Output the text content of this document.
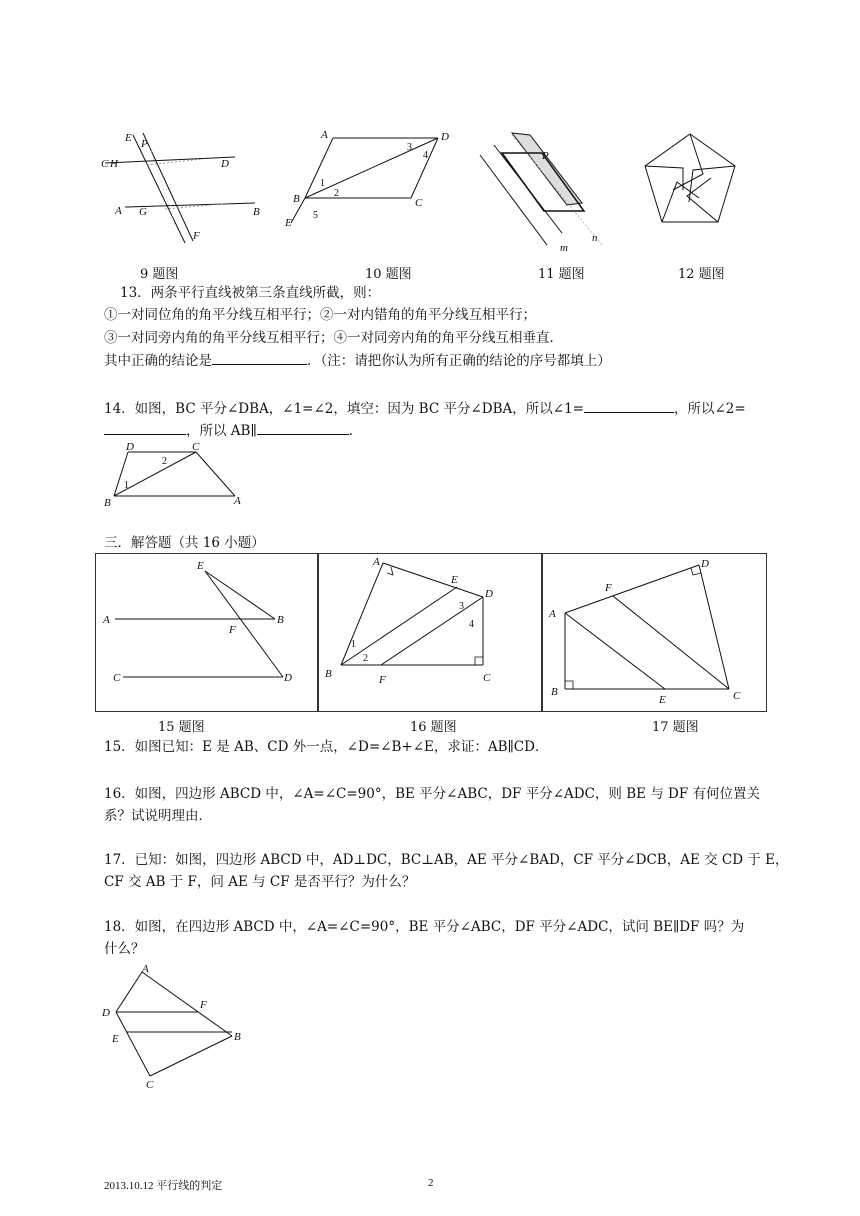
E P
C H	D
A G	B
F
A	D
3
4
B
1
2
C
E
5
P
m
n
9 题图	10 题图	11 题图	12 题图
13．两条平行直线被第三条直线所截，则：
①一对同位角的角平分线互相平行；②一对内错角的角平分线互相平行；
③一对同旁内角的角平分线互相平行；④一对同旁内角的角平分线互相垂直．
其中正确的结论是	．（注：请把你认为所有正确的结论的序号都填上）
14．如图，BC 平分∠DBA，∠1=∠2，填空：因为 BC 平分∠DBA，所以∠1=	，所以∠2=
，所以 AB∥	．
D	C
2
1
B	A
三．解答题（共 16 小题）
E
A	B
F
C	D
A
E
D
3
4
1
2
B	F	C
F
D
A
B
E	C
15 题图	16 题图	17 题图
15．如图已知：E 是 AB、CD 外一点，∠D=∠B+∠E，求证：AB∥CD．
16．如图，四边形 ABCD 中，∠A=∠C=90°，BE 平分∠ABC，DF 平分∠ADC，则 BE 与 DF 有何位置关
系？试说明理由．
17．已知：如图，四边形 ABCD 中，AD⊥DC，BC⊥AB，AE 平分∠BAD，CF 平分∠DCB，AE 交 CD 于 E，
CF 交 AB 于 F，问 AE 与 CF 是否平行？为什么？
18．如图，在四边形 ABCD 中，∠A=∠C=90°，BE 平分∠ABC，DF 平分∠ADC，试问 BE∥DF 吗？为
什么？
A
D
F
E	B
C
2013.10.12 平行线的判定	2
